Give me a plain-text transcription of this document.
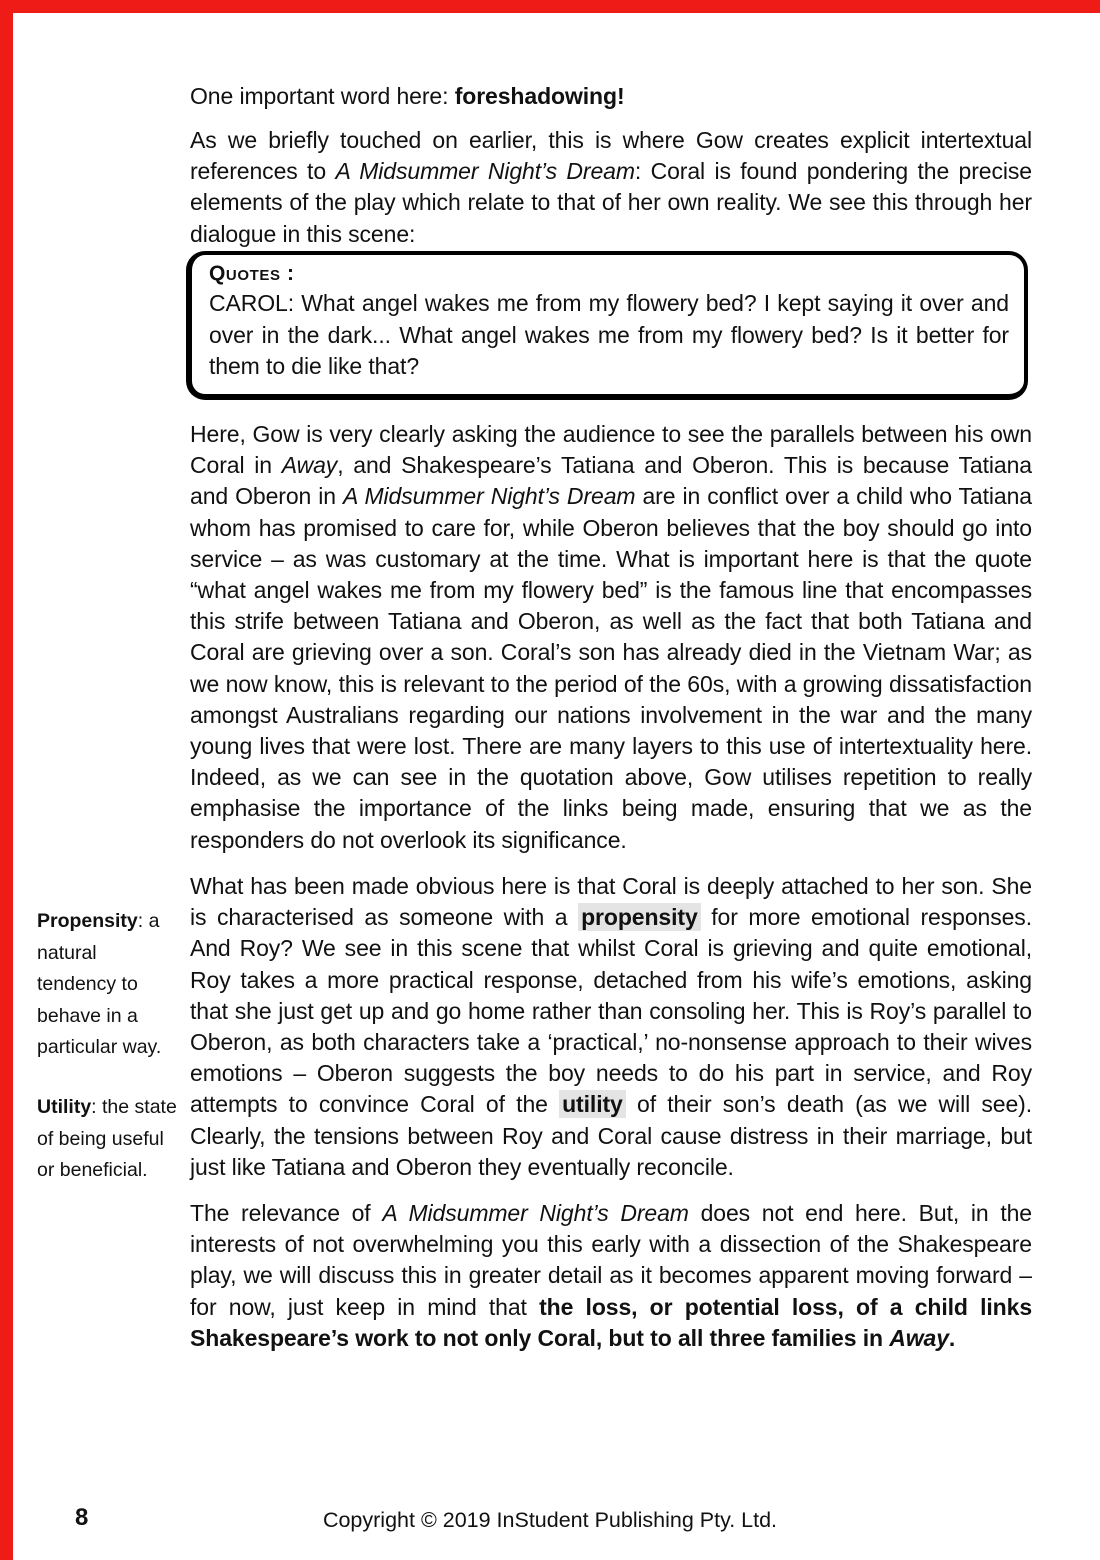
One important word here: foreshadowing!

As we briefly touched on earlier, this is where Gow creates explicit intertextual references to A Midsummer Night’s Dream: Coral is found pondering the precise elements of the play which relate to that of her own reality. We see this through her dialogue in this scene:

Quotes :

CAROL: What angel wakes me from my flowery bed? I kept saying it over and over in the dark... What angel wakes me from my flowery bed? Is it better for them to die like that?

Here, Gow is very clearly asking the audience to see the parallels between his own Coral in Away, and Shakespeare’s Tatiana and Oberon. This is because Tatiana and Oberon in A Midsummer Night’s Dream are in conflict over a child who Tatiana whom has promised to care for, while Oberon believes that the boy should go into service – as was customary at the time. What is important here is that the quote “what angel wakes me from my flowery bed” is the famous line that encompasses this strife between Tatiana and Oberon, as well as the fact that both Tatiana and Coral are grieving over a son. Coral’s son has already died in the Vietnam War; as we now know, this is relevant to the period of the 60s, with a growing dissatisfaction amongst Australians regarding our nations involvement in the war and the many young lives that were lost. There are many layers to this use of intertextuality here. Indeed, as we can see in the quotation above, Gow utilises repetition to really emphasise the importance of the links being made, ensuring that we as the responders do not overlook its significance.

What has been made obvious here is that Coral is deeply attached to her son. She is characterised as someone with a propensity for more emotional responses. And Roy? We see in this scene that whilst Coral is grieving and quite emotional, Roy takes a more practical response, detached from his wife’s emotions, asking that she just get up and go home rather than consoling her. This is Roy’s parallel to Oberon, as both characters take a ‘practical,’ no-nonsense approach to their wives emotions – Oberon suggests the boy needs to do his part in service, and Roy attempts to convince Coral of the utility of their son’s death (as we will see). Clearly, the tensions between Roy and Coral cause distress in their marriage, but just like Tatiana and Oberon they eventually reconcile.

The relevance of A Midsummer Night’s Dream does not end here. But, in the interests of not overwhelming you this early with a dissection of the Shakespeare play, we will discuss this in greater detail as it becomes apparent moving forward – for now, just keep in mind that the loss, or potential loss, of a child links Shakespeare’s work to not only Coral, but to all three families in Away.

Propensity: a natural tendency to behave in a particular way.
Utility: the state of being useful or beneficial.
8	Copyright © 2019 InStudent Publishing Pty. Ltd.
